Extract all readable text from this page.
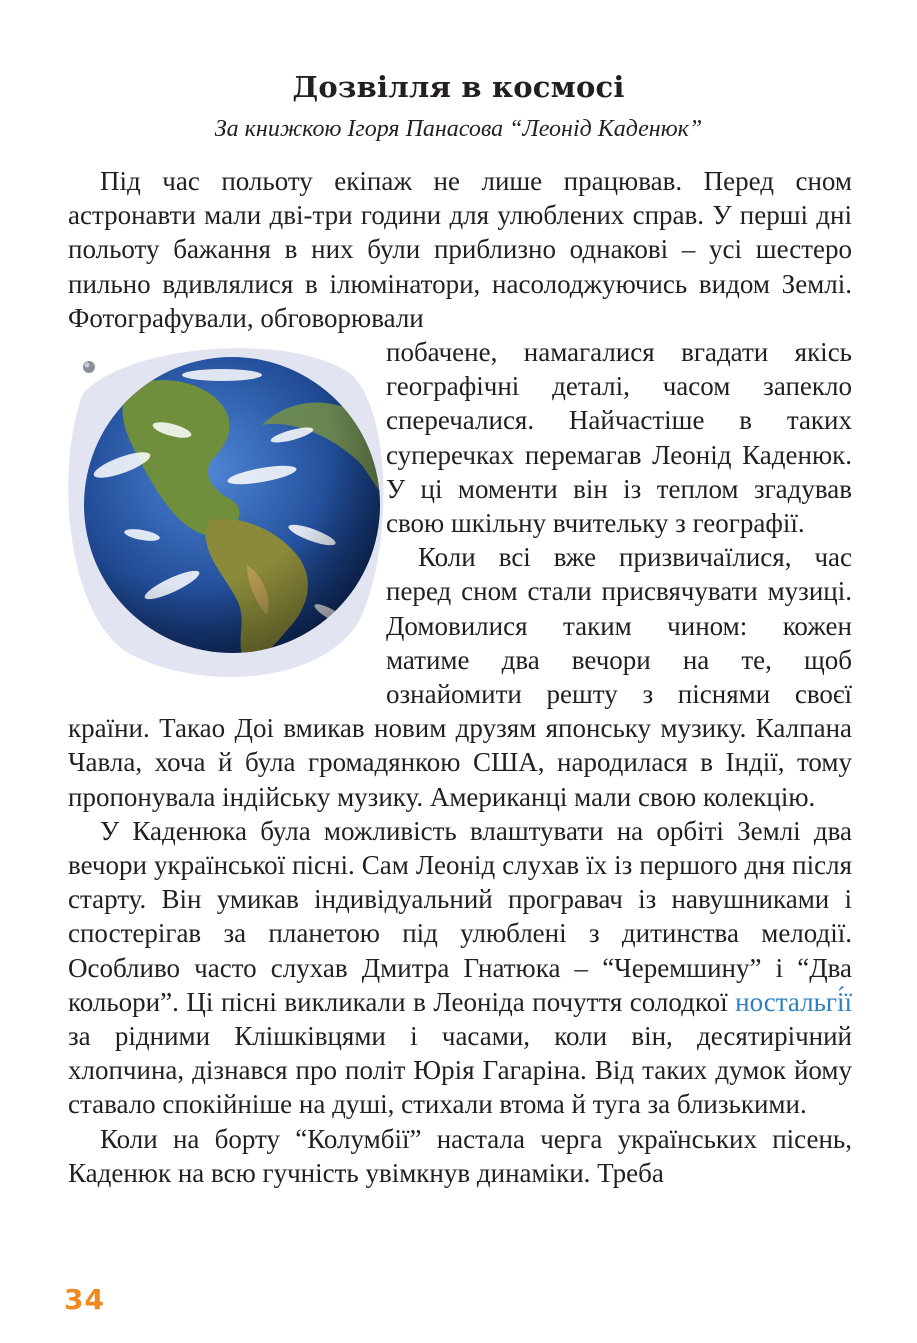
Дозвілля в космосі
За книжкою Ігоря Панасова “Леонід Каденюк”

Під час польоту екіпаж не лише працював. Перед сном астронавти мали дві-три години для улюблених справ. У перші дні польоту бажання в них були приблизно однакові – усі шестеро пильно вдивлялися в ілюмінатори, насолоджуючись видом Землі. Фотографували, обговорювали

побачене, намагалися вгадати якісь географічні деталі, часом запекло сперечалися. Найчастіше в таких суперечках перемагав Леонід Каденюк. У ці моменти він із теплом згадував свою шкільну вчительку з географії.

Коли всі вже призвичаїлися, час перед сном стали присвячувати музиці. Домовилися таким чином: кожен матиме два вечори на те, щоб ознайомити решту з піснями своєї країни. Такао Доі вмикав новим друзям японську музику. Калпана Чавла, хоча й була громадянкою США, народилася в Індії, тому пропонувала індійську музику. Американці мали свою колекцію.

У Каденюка була можливість влаштувати на орбіті Землі два вечори української пісні. Сам Леонід слухав їх із першого дня після старту. Він умикав індивідуальний програвач із навушниками і спостерігав за планетою під улюблені з дитинства мелодії. Особливо часто слухав Дмитра Гнатюка – “Черемшину” і “Два кольори”. Ці пісні викликали в Леоніда почуття солодкої ностальгі́ї за рідними Клішківцями і часами, коли він, десятирічний хлопчина, дізнався про політ Юрія Гагаріна. Від таких думок йому ставало спокійніше на душі, стихали втома й туга за близькими.

Коли на борту “Колумбії” настала черга українських пісень, Каденюк на всю гучність увімкнув динаміки. Треба

34
